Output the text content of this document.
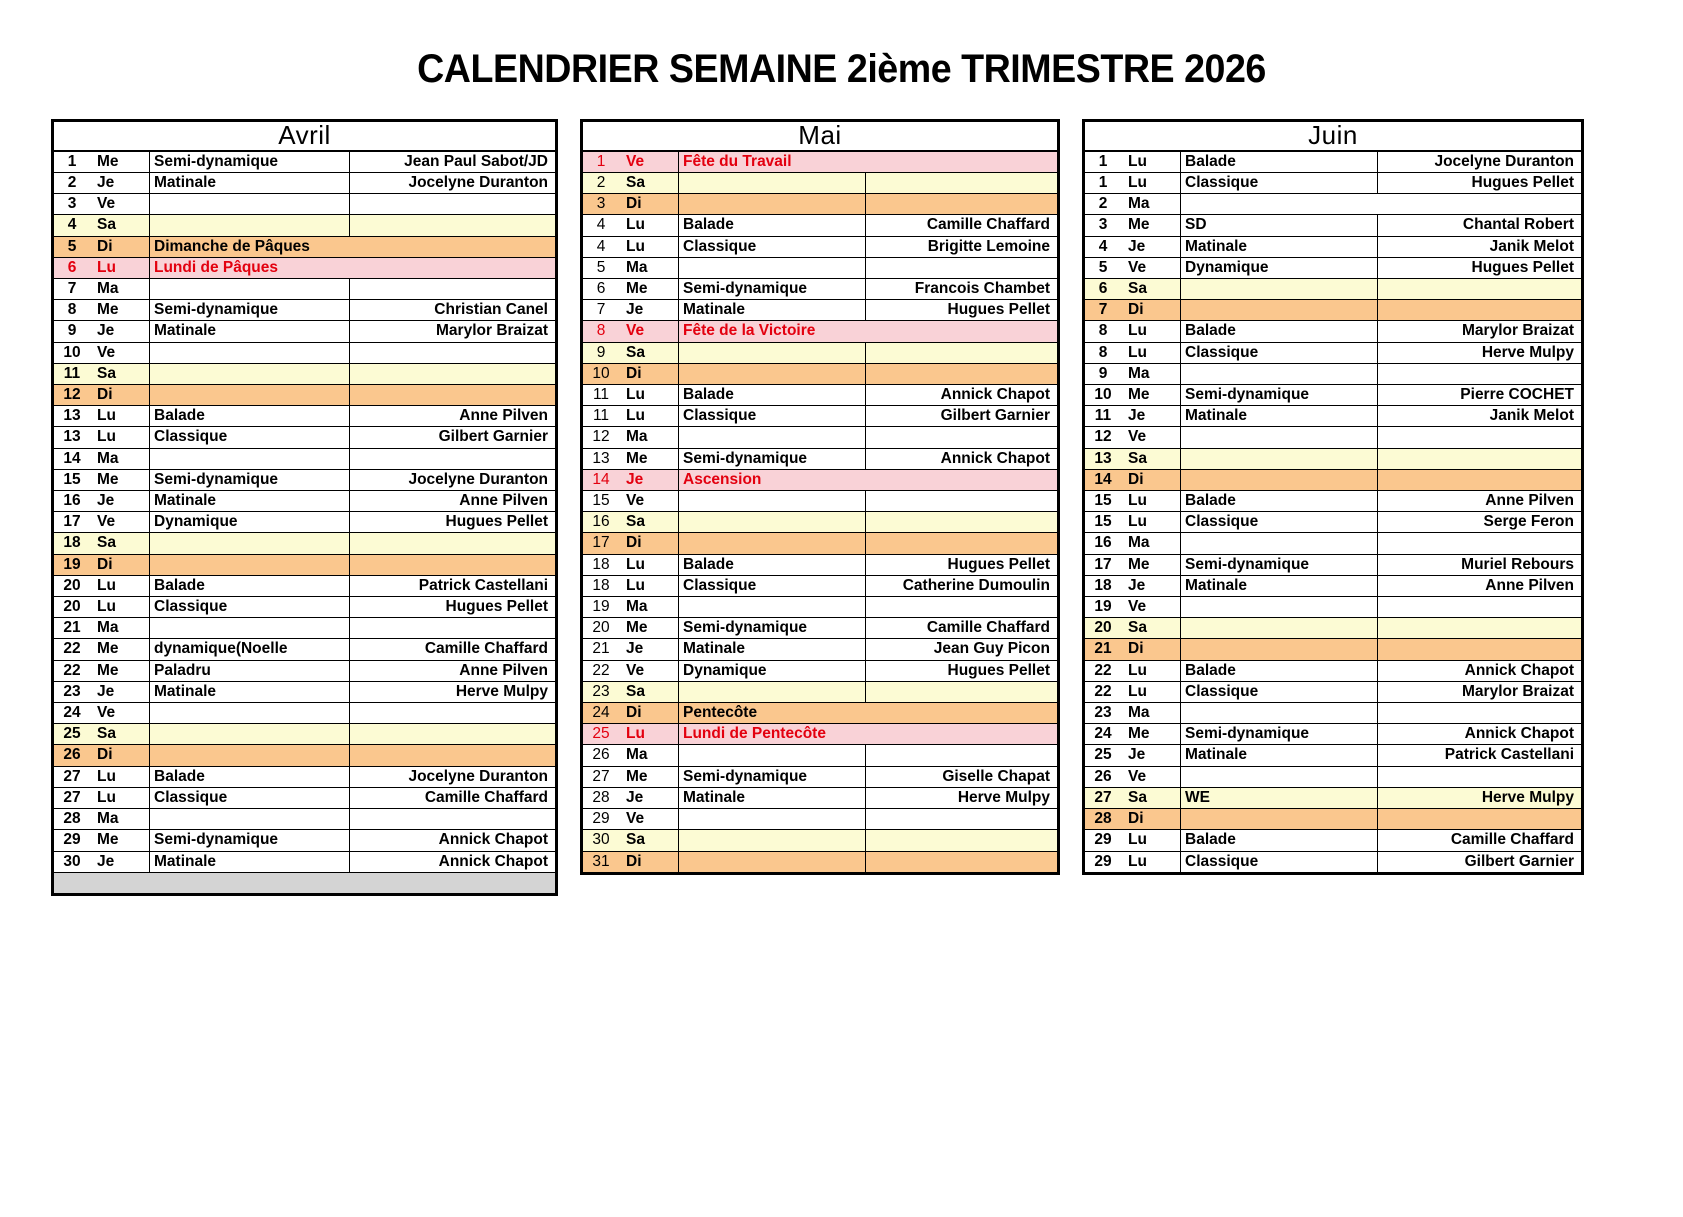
CALENDRIER SEMAINE 2ième TRIMESTRE 2026
Avril			
1	Me	Semi-dynamique	Jean Paul Sabot/JD
2	Je	Matinale	Jocelyne Duranton
3	Ve		
4	Sa		
5	Di	Dimanche de Pâques	
6	Lu	Lundi de Pâques	
7	Ma		
8	Me	Semi-dynamique	Christian Canel
9	Je	Matinale	Marylor Braizat
10	Ve		
11	Sa		
12	Di		
13	Lu	Balade	Anne Pilven
13	Lu	Classique	Gilbert Garnier
14	Ma		
15	Me	Semi-dynamique	Jocelyne Duranton
16	Je	Matinale	Anne Pilven
17	Ve	Dynamique	Hugues Pellet
18	Sa		
19	Di		
20	Lu	Balade	Patrick Castellani
20	Lu	Classique	Hugues Pellet
21	Ma		
22	Me	dynamique(Noelle	Camille Chaffard
22	Me	Paladru	Anne Pilven
23	Je	Matinale	Herve Mulpy
24	Ve		
25	Sa		
26	Di		
27	Lu	Balade	Jocelyne Duranton
27	Lu	Classique	Camille Chaffard
28	Ma		
29	Me	Semi-dynamique	Annick Chapot
30	Je	Matinale	Annick Chapot

Mai			
1	Ve	Fête du Travail	
2	Sa		
3	Di		
4	Lu	Balade	Camille Chaffard
4	Lu	Classique	Brigitte Lemoine
5	Ma		
6	Me	Semi-dynamique	Francois Chambet
7	Je	Matinale	Hugues Pellet
8	Ve	Fête de la Victoire	
9	Sa		
10	Di		
11	Lu	Balade	Annick Chapot
11	Lu	Classique	Gilbert Garnier
12	Ma		
13	Me	Semi-dynamique	Annick Chapot
14	Je	Ascension	
15	Ve		
16	Sa		
17	Di		
18	Lu	Balade	Hugues Pellet
18	Lu	Classique	Catherine Dumoulin
19	Ma		
20	Me	Semi-dynamique	Camille Chaffard
21	Je	Matinale	Jean Guy Picon
22	Ve	Dynamique	Hugues Pellet
23	Sa		
24	Di	Pentecôte	
25	Lu	Lundi de Pentecôte	
26	Ma		
27	Me	Semi-dynamique	Giselle Chapat
28	Je	Matinale	Herve Mulpy
29	Ve		
30	Sa		
31	Di		
Juin			
1	Lu	Balade	Jocelyne Duranton
1	Lu	Classique	Hugues Pellet
2	Ma		
3	Me	SD	Chantal Robert
4	Je	Matinale	Janik Melot
5	Ve	Dynamique	Hugues Pellet
6	Sa		
7	Di		
8	Lu	Balade	Marylor Braizat
8	Lu	Classique	Herve Mulpy
9	Ma		
10	Me	Semi-dynamique	Pierre COCHET
11	Je	Matinale	Janik Melot
12	Ve		
13	Sa		
14	Di		
15	Lu	Balade	Anne Pilven
15	Lu	Classique	Serge Feron
16	Ma		
17	Me	Semi-dynamique	Muriel Rebours
18	Je	Matinale	Anne Pilven
19	Ve		
20	Sa		
21	Di		
22	Lu	Balade	Annick Chapot
22	Lu	Classique	Marylor Braizat
23	Ma		
24	Me	Semi-dynamique	Annick Chapot
25	Je	Matinale	Patrick Castellani
26	Ve		
27	Sa	WE	Herve Mulpy
28	Di		
29	Lu	Balade	Camille Chaffard
29	Lu	Classique	Gilbert Garnier
